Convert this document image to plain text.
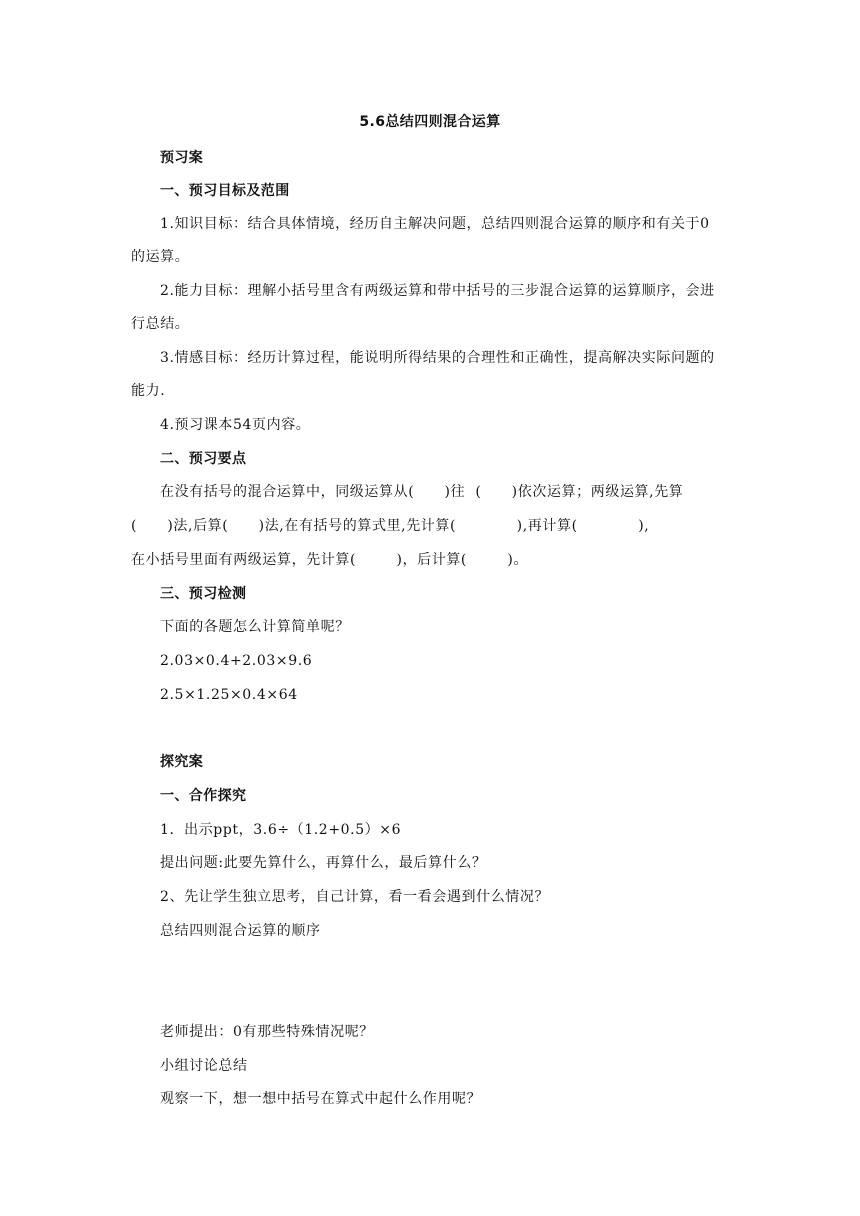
5.6总结四则混合运算
预习案
一、预习目标及范围
1.知识目标：结合具体情境，经历自主解决问题，总结四则混合运算的顺序和有关于0
的运算。
2.能力目标：理解小括号里含有两级运算和带中括号的三步混合运算的运算顺序，会进
行总结。
3.情感目标：经历计算过程，能说明所得结果的合理性和正确性，提高解决实际问题的
能力.
4.预习课本54页内容。
二、预习要点
在没有括号的混合运算中，同级运算从(      )往  (      )依次运算；两级运算,先算
(      )法,后算(      )法,在有括号的算式里,先计算(            ),再计算(            ),
在小括号里面有两级运算，先计算(        )，后计算(        )。
三、预习检测
下面的各题怎么计算简单呢？
2.03×0.4+2.03×9.6
2.5×1.25×0.4×64
探究案
一、合作探究
1．出示ppt，3.6÷（1.2+0.5）×6
提出问题:此要先算什么，再算什么，最后算什么？
2、先让学生独立思考，自己计算，看一看会遇到什么情况？
总结四则混合运算的顺序
老师提出：0有那些特殊情况呢？
小组讨论总结
观察一下，想一想中括号在算式中起什么作用呢？
